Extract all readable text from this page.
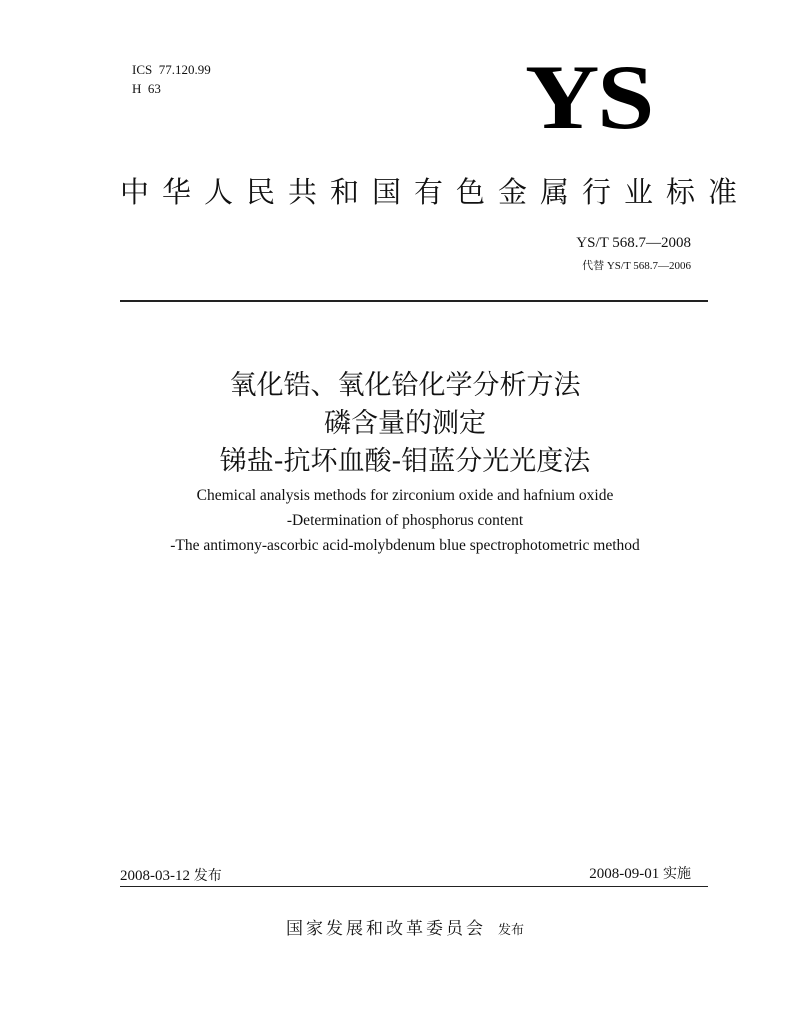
ICS  77.120.99
H  63	YS
中华人民共和国有色金属行业标准
YS/T 568.7—2008
代替 YS/T 568.7—2006
氧化锆、氧化铪化学分析方法
磷含量的测定
锑盐-抗坏血酸-钼蓝分光光度法
Chemical analysis methods for zirconium oxide and hafnium oxide
-Determination of phosphorus content
-The antimony-ascorbic acid-molybdenum blue spectrophotometric method
2008-03-12 发布	2008-09-01 实施
国家发展和改革委员会 发布
